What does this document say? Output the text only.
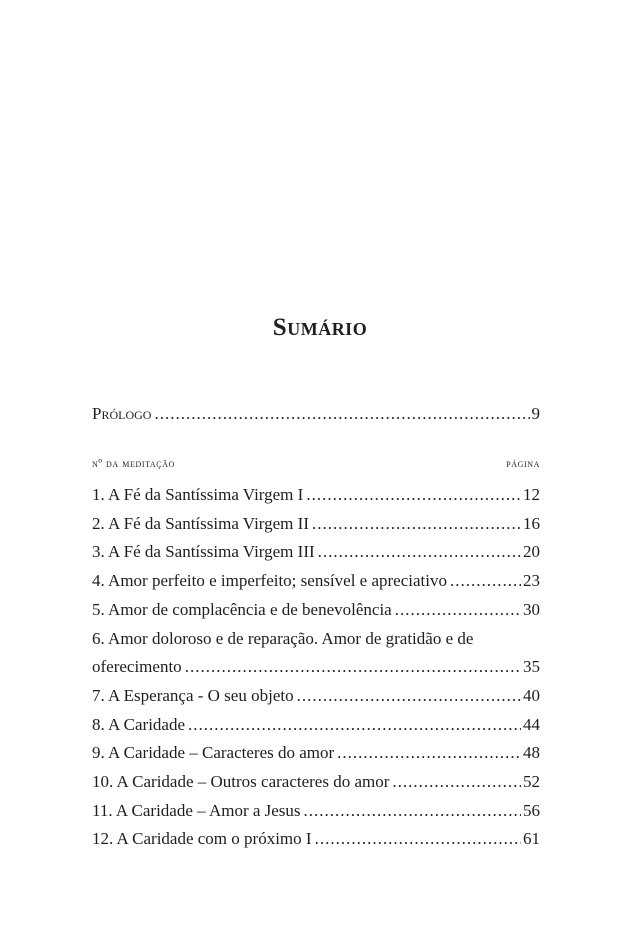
Sumário
Prólogo .....	9
nº da meditação	página
1. A Fé da Santíssima Virgem I .....	12
2. A Fé da Santíssima Virgem II .....	16
3. A Fé da Santíssima Virgem III .....	20
4. Amor perfeito e imperfeito; sensível e apreciativo .....	23
5. Amor de complacência e de benevolência .....	30
6. Amor doloroso e de reparação. Amor de gratidão e de
oferecimento .....	35
7. A Esperança - O seu objeto .....	40
8. A Caridade .....	44
9. A Caridade – Caracteres do amor .....	48
10. A Caridade – Outros caracteres do amor .....	52
11. A Caridade – Amor a Jesus .....	56
12. A Caridade com o próximo I .....	61
